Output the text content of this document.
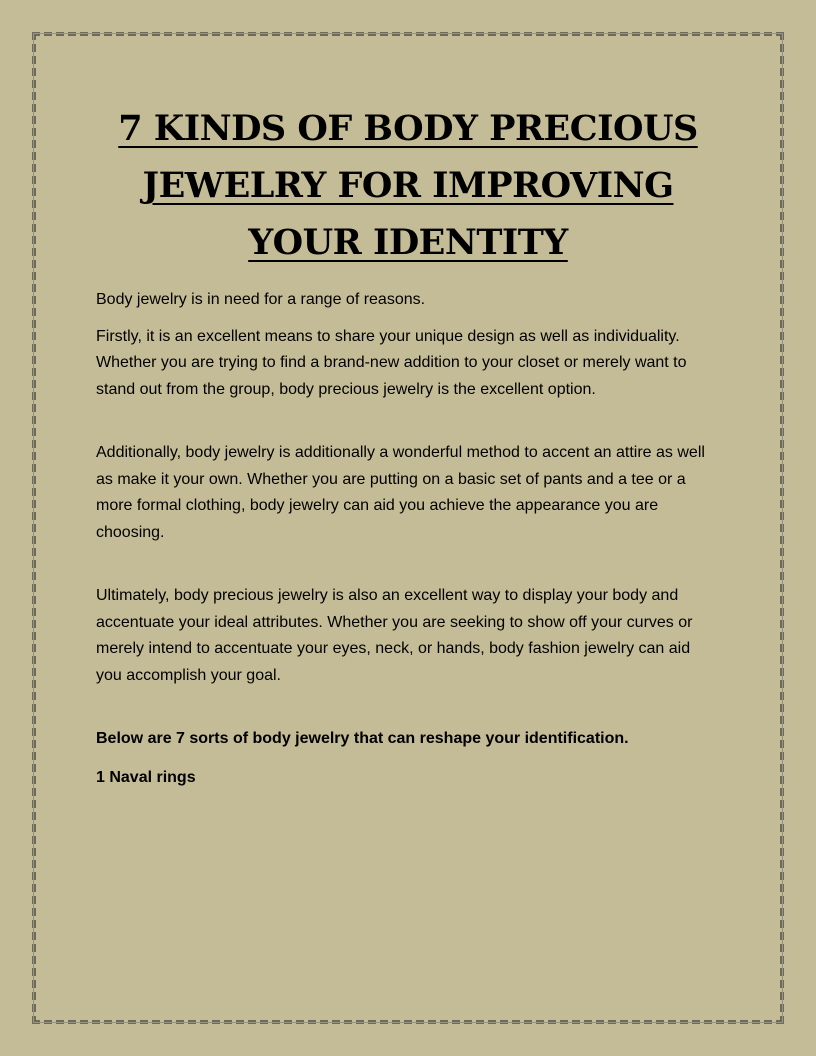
7 KINDS OF BODY PRECIOUS JEWELRY FOR IMPROVING YOUR IDENTITY

Body jewelry is in need for a range of reasons.

Firstly, it is an excellent means to share your unique design as well as individuality. Whether you are trying to find a brand-new addition to your closet or merely want to stand out from the group, body precious jewelry is the excellent option.

Additionally, body jewelry is additionally a wonderful method to accent an attire as well as make it your own. Whether you are putting on a basic set of pants and a tee or a more formal clothing, body jewelry can aid you achieve the appearance you are choosing.

Ultimately, body precious jewelry is also an excellent way to display your body and accentuate your ideal attributes. Whether you are seeking to show off your curves or merely intend to accentuate your eyes, neck, or hands, body fashion jewelry can aid you accomplish your goal.

Below are 7 sorts of body jewelry that can reshape your identification.

1 Naval rings
